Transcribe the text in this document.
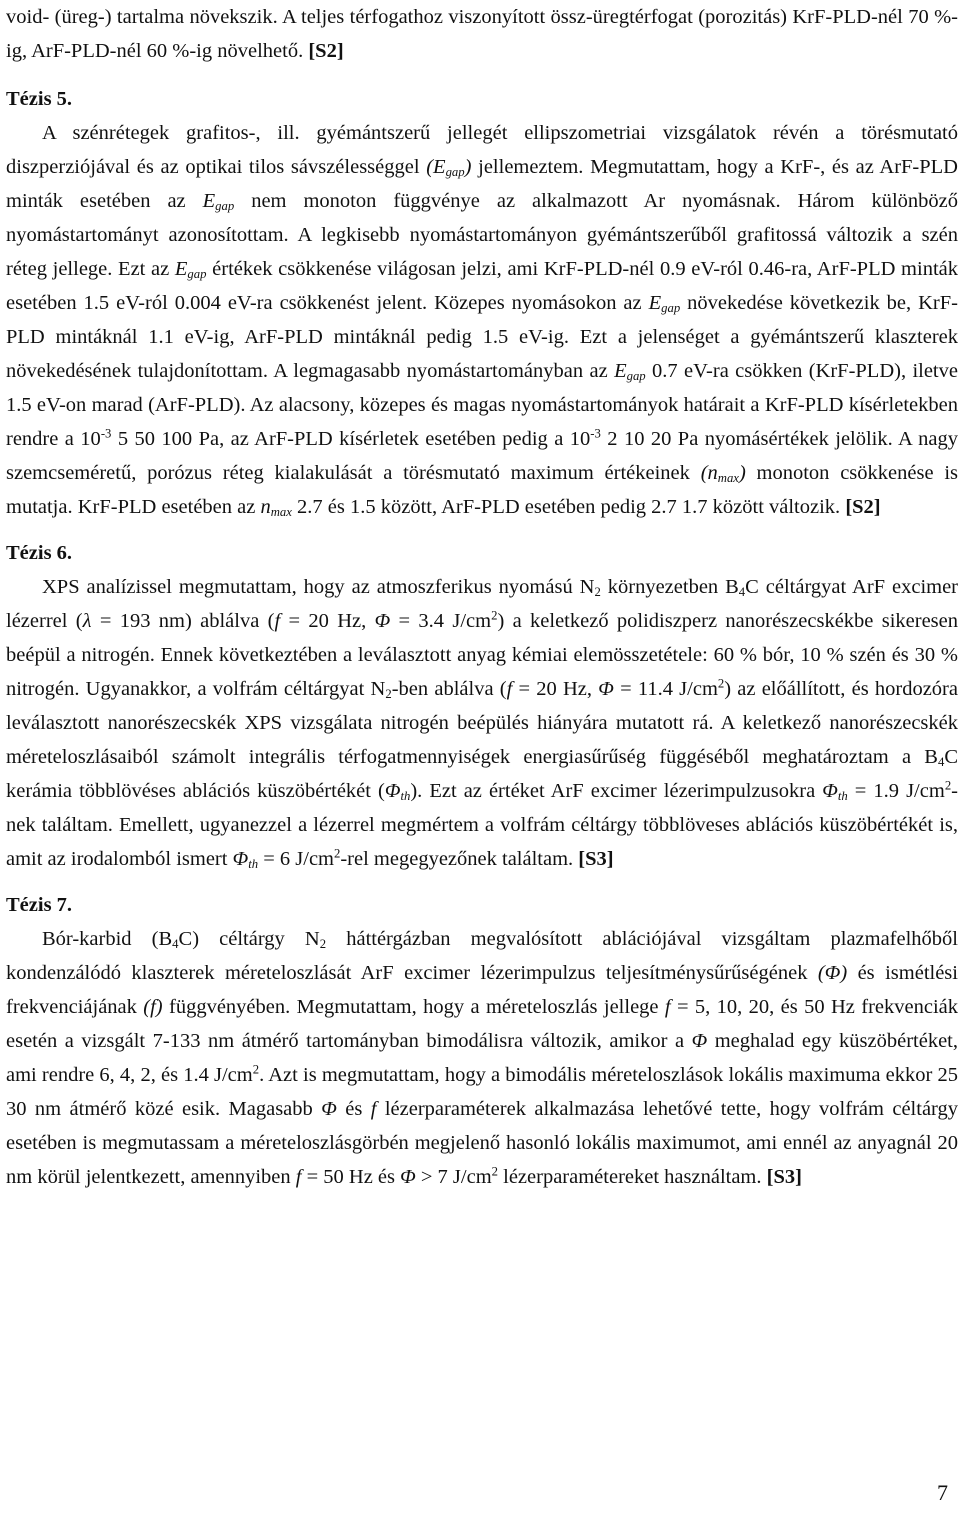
void- (üreg-) tartalma növekszik. A teljes térfogathoz viszonyított össz-üregtérfogat (porozitás) KrF-PLD-nél 70 %-ig, ArF-PLD-nél 60 %-ig növelhető. [S2]

Tézis 5.

A szénrétegek grafitos-, ill. gyémántszerű jellegét ellipszometriai vizsgálatok révén a törésmutató diszperziójával és az optikai tilos sávszélességgel $(E_{gap})$ jellemeztem. Megmutattam, hogy a KrF-, és az ArF-PLD minták esetében az $E_{gap}$ nem monoton függvénye az alkalmazott Ar nyomásnak. Három különböző nyomástartományt azonosítottam. A legkisebb nyomástartományon gyémántszerűből grafitossá változik a szén réteg jellege. Ezt az $E_{gap}$ értékek csökkenése világosan jelzi, ami KrF-PLD-nél 0.9 eV-ról 0.46-ra, ArF-PLD minták esetében 1.5 eV-ról 0.004 eV-ra csökkenést jelent. Közepes nyomásokon az $E_{gap}$ növekedése következik be, KrF-PLD mintáknál 1.1 eV-ig, ArF-PLD mintáknál pedig 1.5 eV-ig. Ezt a jelenséget a gyémántszerű klaszterek növekedésének tulajdonítottam. A legmagasabb nyomástartományban az $E_{gap}$ 0.7 eV-ra csökken (KrF-PLD), iletve 1.5 eV-on marad (ArF-PLD). Az alacsony, közepes és magas nyomástartományok határait a KrF-PLD kísérletekben rendre a $10^{-3}$ 5 50 100 Pa, az ArF-PLD kísérletek esetében pedig a $10^{-3}$ 2 10 20 Pa nyomásértékek jelölik. A nagy szemcseméretű, porózus réteg kialakulását a törésmutató maximum értékeinek $(n_{max})$ monoton csökkenése is mutatja. KrF-PLD esetében az $n_{max}$ 2.7 és 1.5 között, ArF-PLD esetében pedig 2.7 1.7 között változik. [S2]

Tézis 6.

XPS analízissel megmutattam, hogy az atmoszferikus nyomású $N_2$ környezetben $B_4C$ céltárgyat ArF excimer lézerrel (λ = 193 nm) ablálva (f = 20 Hz, Φ = 3.4 $J/cm^2$) a keletkező polidiszperz nanorészecskékbe sikeresen beépül a nitrogén. Ennek következtében a leválasztott anyag kémiai elemösszetétele: 60 % bór, 10 % szén és 30 % nitrogén. Ugyanakkor, a volfrám céltárgyat $N_2$-ben ablálva (f = 20 Hz, Φ = 11.4 $J/cm^2$) az előállított, és hordozóra leválasztott nanorészecskék XPS vizsgálata nitrogén beépülés hiányára mutatott rá. A keletkező nanorészecskék méreteloszlásaiból számolt integrális térfogatmennyiségek energiasűrűség függéséből meghatároztam a $B_4C$ kerámia többlövéses ablációs küszöbértékét $(\Phi_{th})$. Ezt az értéket ArF excimer lézerimpulzusokra $\Phi_{th} = 1.9$ $J/cm^2$-nek találtam. Emellett, ugyanezzel a lézerrel megmértem a volfrám céltárgy többlöveses ablációs küszöbértékét is, amit az irodalomból ismert $\Phi_{th} = 6$ $J/cm^2$-rel megegyezőnek találtam. [S3]

Tézis 7.

Bór-karbid $(B_4C)$ céltárgy $N_2$ háttérgázban megvalósított ablációjával vizsgáltam plazmafelhőből kondenzálódó klaszterek méreteloszlását ArF excimer lézerimpulzus teljesítménysűrűségének (Φ) és ismétlési frekvenciájának (f) függvényében. Megmutattam, hogy a méreteloszlás jellege f = 5, 10, 20, és 50 Hz frekvenciák esetén a vizsgált 7-133 nm átmérő tartományban bimodálisra változik, amikor a Φ meghalad egy küszöbértéket, ami rendre 6, 4, 2, és 1.4 $J/cm^2$. Azt is megmutattam, hogy a bimodális méreteloszlások lokális maximuma ekkor 25 30 nm átmérő közé esik. Magasabb Φ és f lézerparaméterek alkalmazása lehetővé tette, hogy volfrám céltárgy esetében is megmutassam a méreteloszlásgörbén megjelenő hasonló lokális maximumot, ami ennél az anyagnál 20 nm körül jelentkezett, amennyiben f = 50 Hz és Φ > 7 $J/cm^2$ lézerparamétereket használtam. [S3]

7
